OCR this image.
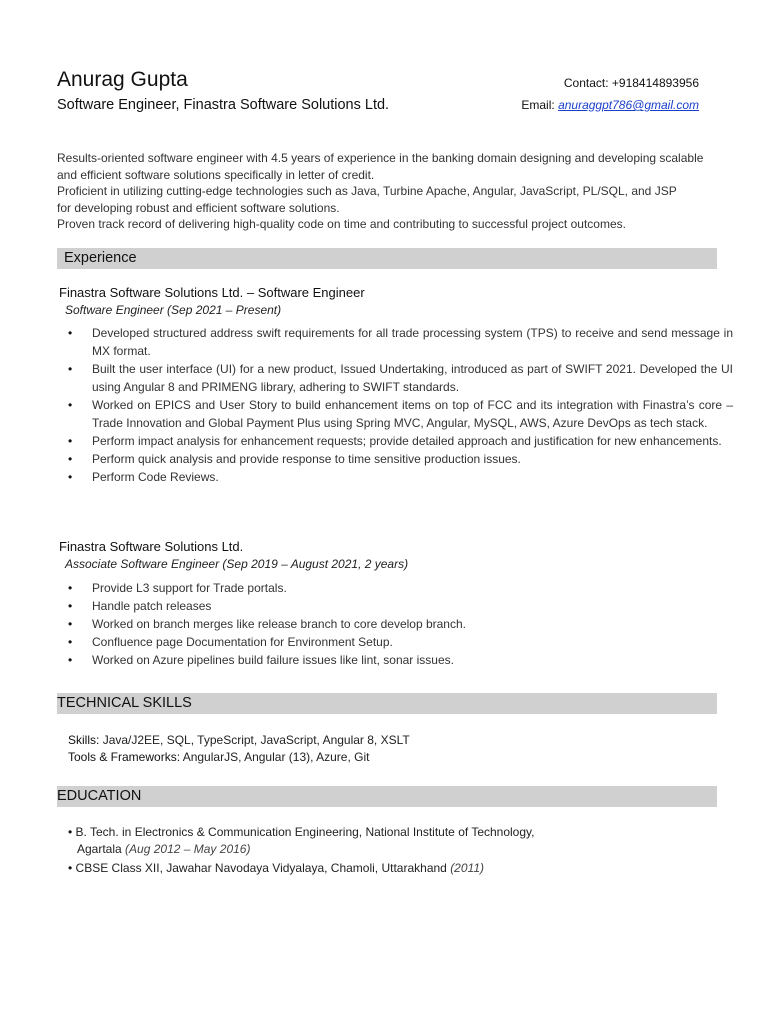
Anurag Gupta
Software Engineer, Finastra Software Solutions Ltd.
Contact: +918414893956
Email: anuraggpt786@gmail.com

Results-oriented software engineer with 4.5 years of experience in the banking domain designing and developing scalable and efficient software solutions specifically in letter of credit.

Proficient in utilizing cutting-edge technologies such as Java, Turbine Apache, Angular, JavaScript, PL/SQL, and JSP for developing robust and efficient software solutions.

Proven track record of delivering high-quality code on time and contributing to successful project outcomes.

Experience
Finastra Software Solutions Ltd. – Software Engineer
Software Engineer (Sep 2021 – Present)
• Developed structured address swift requirements for all trade processing system (TPS) to receive and send message in MX format.
• Built the user interface (UI) for a new product, Issued Undertaking, introduced as part of SWIFT 2021. Developed the UI using Angular 8 and PRIMENG library, adhering to SWIFT standards.
• Worked on EPICS and User Story to build enhancement items on top of FCC and its integration with Finastra’s core – Trade Innovation and Global Payment Plus using Spring MVC, Angular, MySQL, AWS, Azure DevOps as tech stack.
• Perform impact analysis for enhancement requests; provide detailed approach and justification for new enhancements.
• Perform quick analysis and provide response to time sensitive production issues.
• Perform Code Reviews.
Finastra Software Solutions Ltd.
Associate Software Engineer (Sep 2019 – August 2021, 2 years)
• Provide L3 support for Trade portals.
• Handle patch releases
• Worked on branch merges like release branch to core develop branch.
• Confluence page Documentation for Environment Setup.
• Worked on Azure pipelines build failure issues like lint, sonar issues.
TECHNICAL SKILLS
Skills: Java/J2EE, SQL, TypeScript, JavaScript, Angular 8, XSLT
Tools & Frameworks: AngularJS, Angular (13), Azure, Git
EDUCATION
• B. Tech. in Electronics & Communication Engineering, National Institute of Technology,
Agartala (Aug 2012 – May 2016)
• CBSE Class XII, Jawahar Navodaya Vidyalaya, Chamoli, Uttarakhand (2011)
